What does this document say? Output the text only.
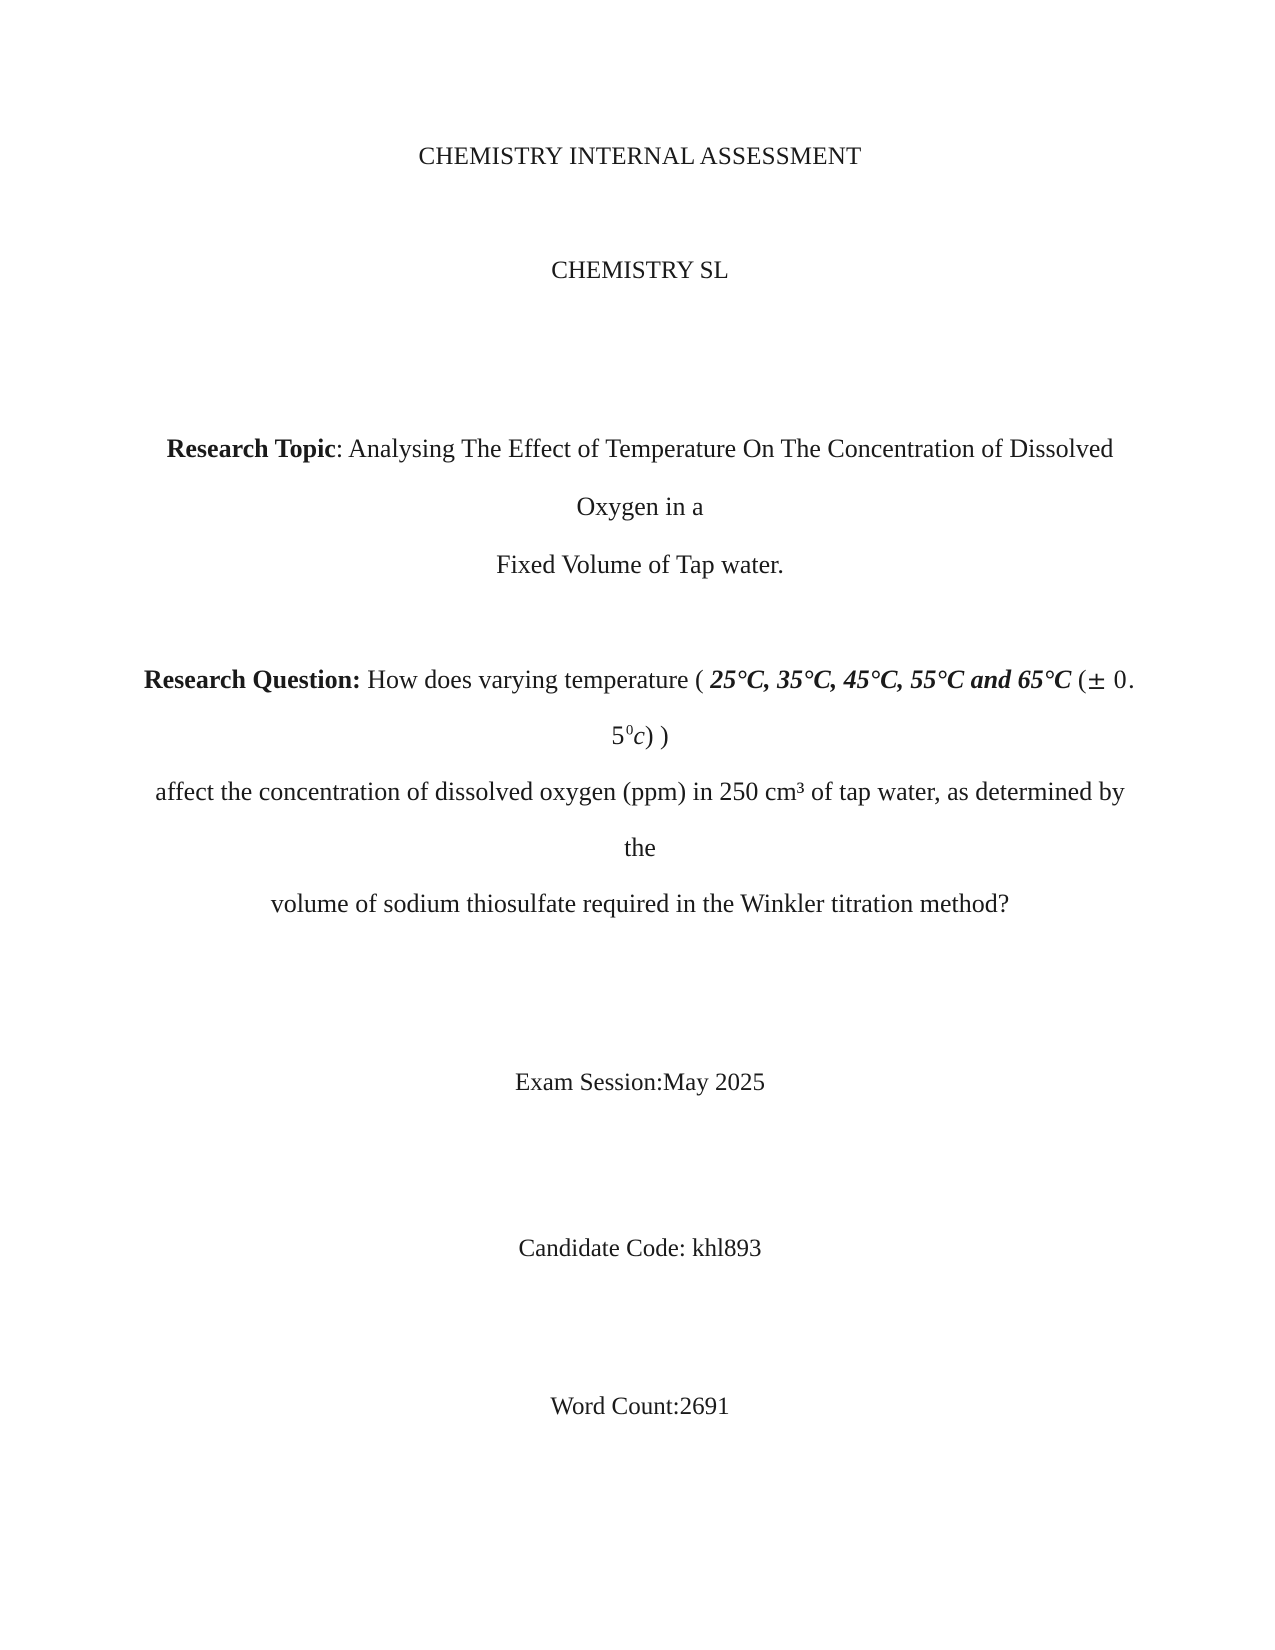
CHEMISTRY INTERNAL ASSESSMENT
CHEMISTRY SL
Research Topic: Analysing The Effect of Temperature On The Concentration of Dissolved Oxygen in a
Fixed Volume of Tap water.
Research Question: How does varying temperature ( 25°C, 35°C, 45°C, 55°C and 65°C (± 0. $5^0c$) )
affect the concentration of dissolved oxygen (ppm) in 250 cm³ of tap water, as determined by the
volume of sodium thiosulfate required in the Winkler titration method?
Exam Session:May 2025
Candidate Code: khl893
Word Count:2691
